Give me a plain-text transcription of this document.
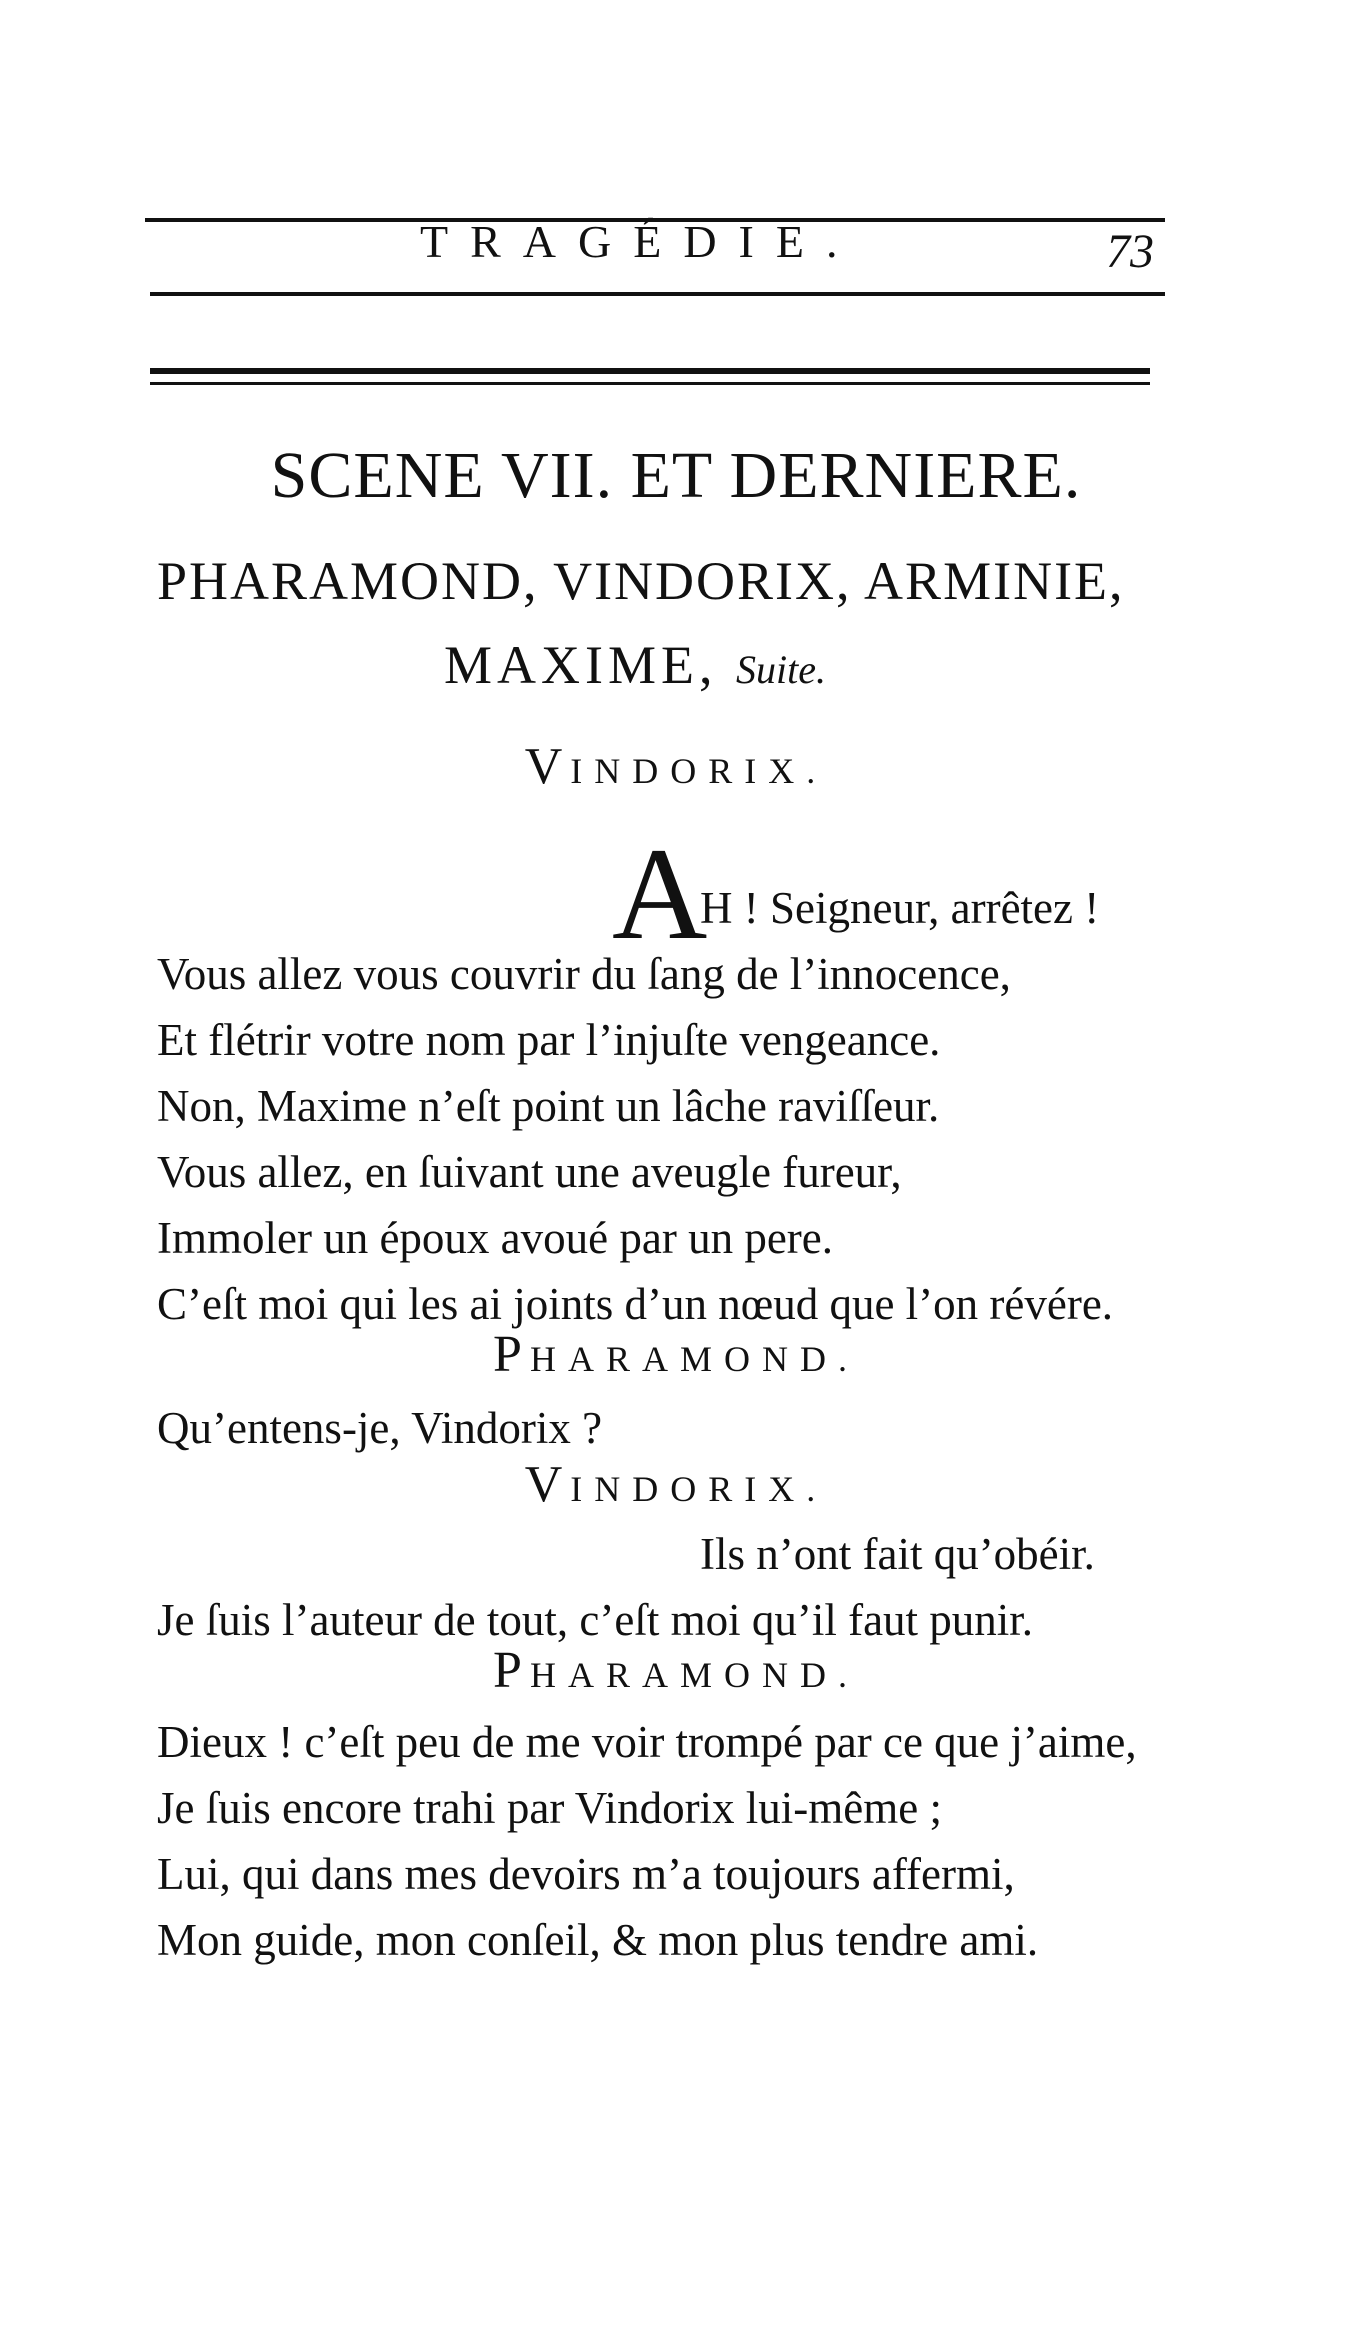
TRAGÉDIE.	73
SCENE VII. ET DERNIERE.
PHARAMOND, VINDORIX, ARMINIE,
MAXIME, Suite.
VINDORIX.
A
H ! Seigneur, arrêtez !
Vous allez vous couvrir du ſang de l’innocence,
Et flétrir votre nom par l’injuſte vengeance.
Non, Maxime n’eſt point un lâche raviſſeur.
Vous allez, en ſuivant une aveugle fureur,
Immoler un époux avoué par un pere.
C’eſt moi qui les ai joints d’un nœud que l’on révére.
PHARAMOND.
Qu’entens-je, Vindorix ?
VINDORIX.
Ils n’ont fait qu’obéir.
Je ſuis l’auteur de tout, c’eſt moi qu’il faut punir.
PHARAMOND.
Dieux ! c’eſt peu de me voir trompé par ce que j’aime,
Je ſuis encore trahi par Vindorix lui-même ;
Lui, qui dans mes devoirs m’a toujours affermi,
Mon guide, mon conſeil, & mon plus tendre ami.
